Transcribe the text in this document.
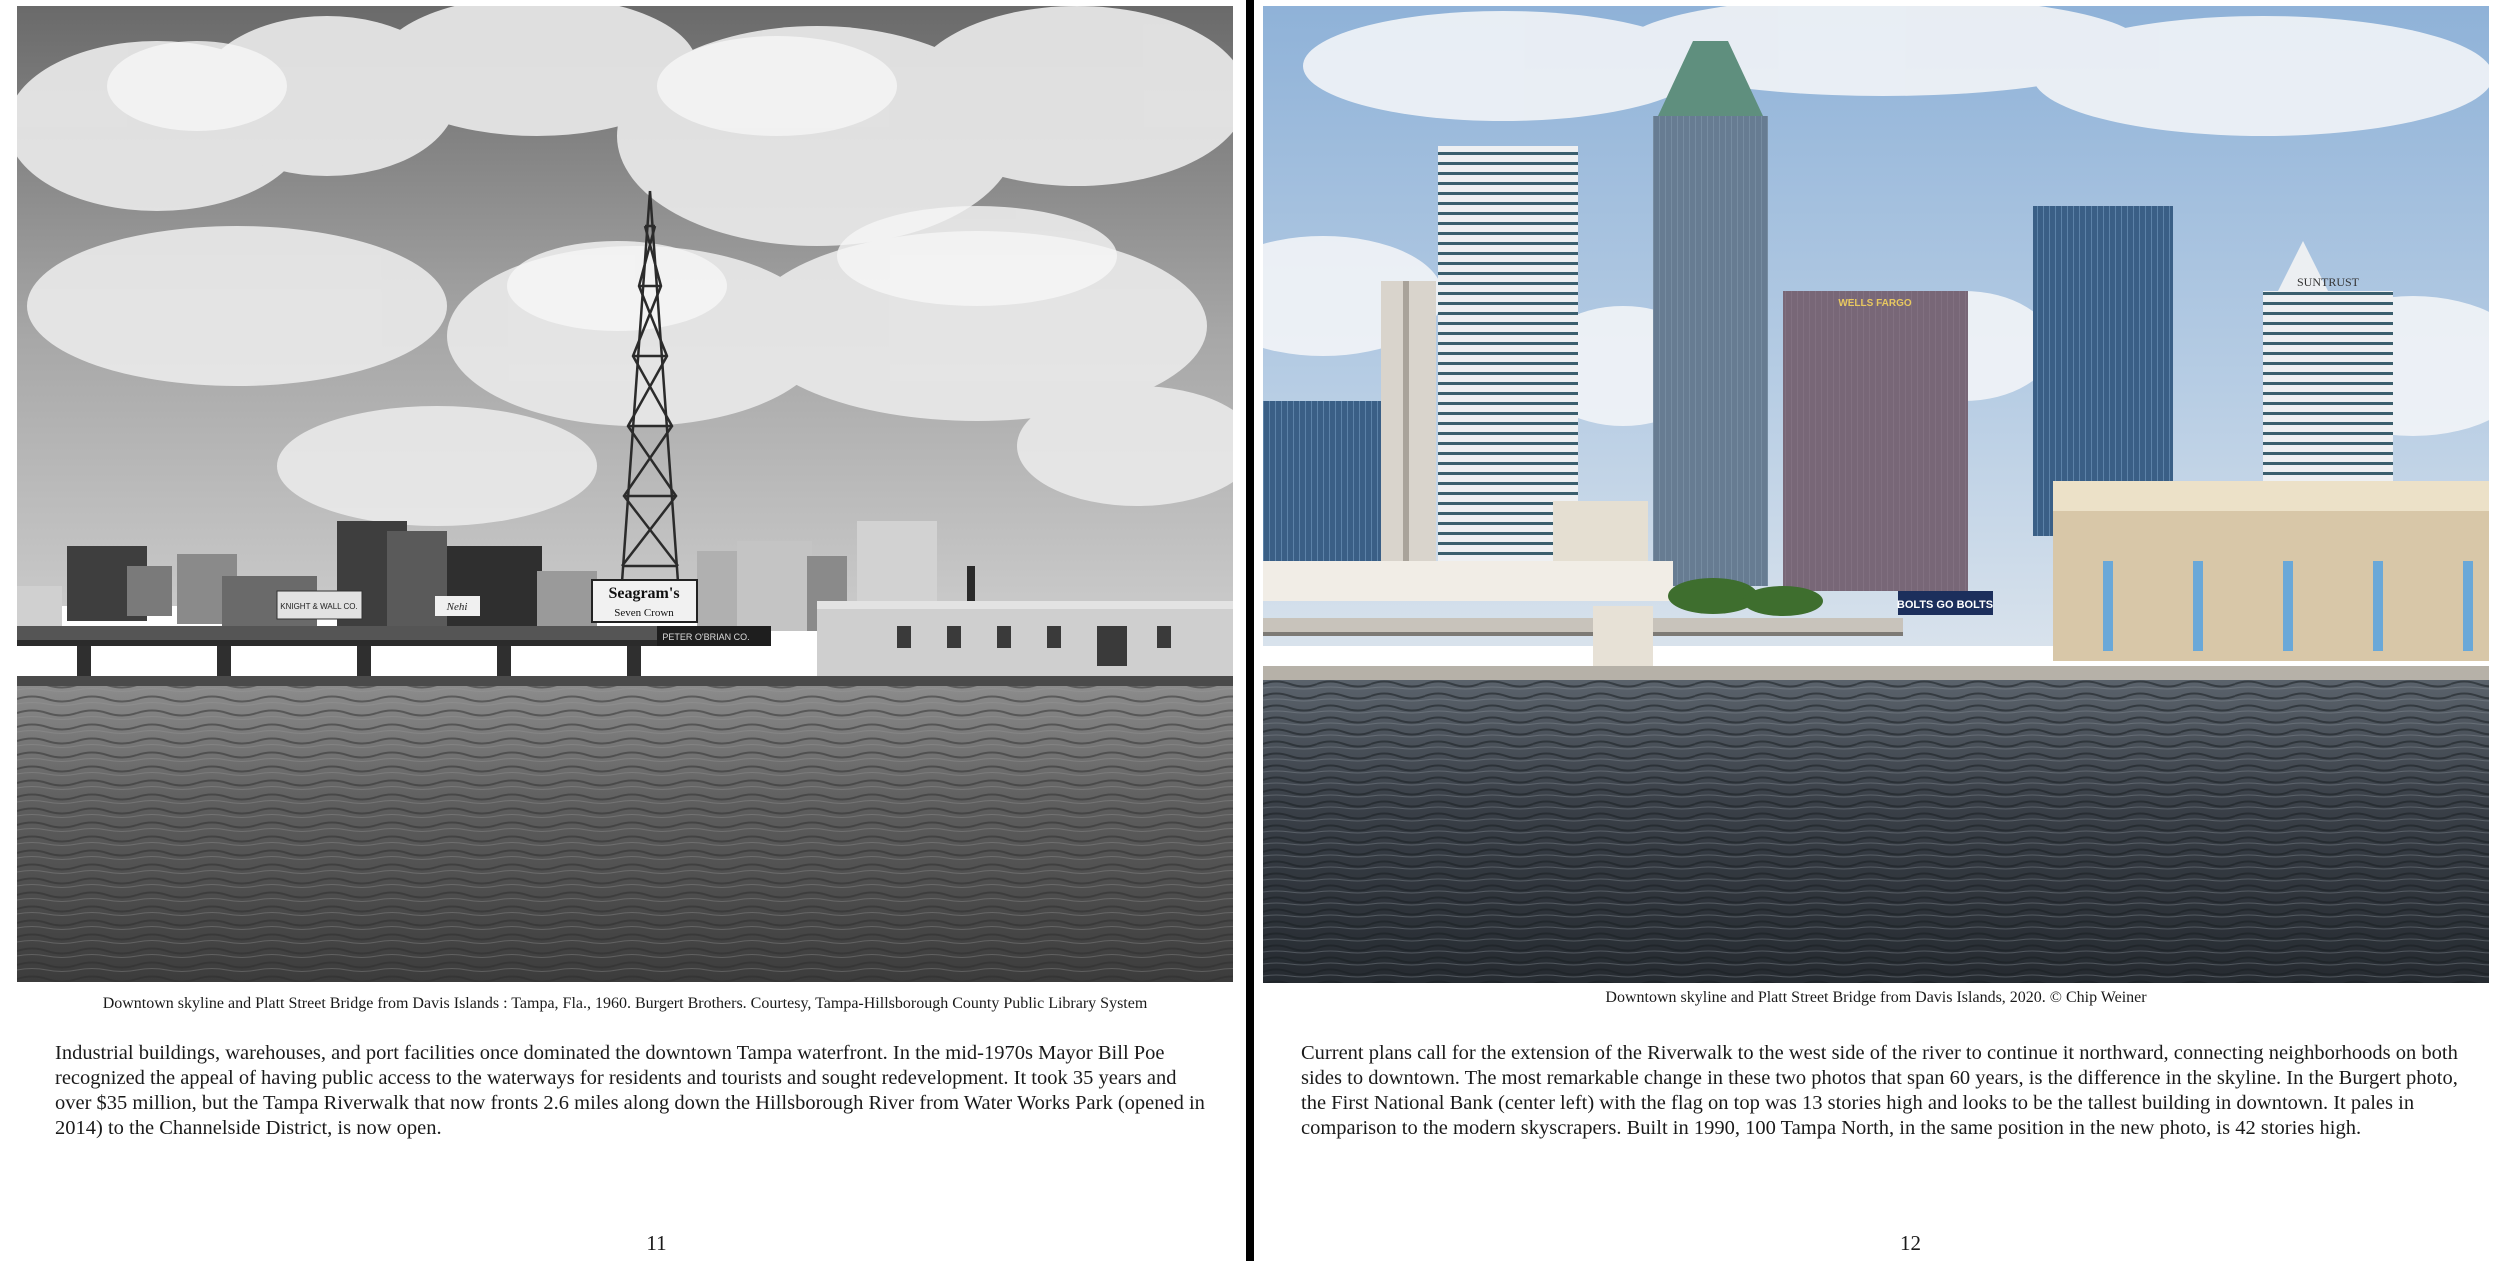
Seagram's
Seven Crown
PETER O'BRIAN CO.
KNIGHT & WALL CO.	Nehi
Downtown skyline and Platt Street Bridge from Davis Islands : Tampa, Fla., 1960. Burgert Brothers. Courtesy, Tampa-Hillsborough County Public Library System
Industrial buildings, warehouses, and port facilities once dominated the downtown Tampa waterfront. In the mid-1970s Mayor Bill Poe recognized the appeal of having public access to the waterways for residents and tourists and sought redevelopment. It took 35 years and over $35 million, but the Tampa Riverwalk that now fronts 2.6 miles along down the Hillsborough River from Water Works Park (opened in 2014) to the Channelside District, is now open.
11
WELLS FARGO
SUNTRUST
BOLTS GO BOLTS
Downtown skyline and Platt Street Bridge from Davis Islands, 2020. © Chip Weiner
Current plans call for the extension of the Riverwalk to the west side of the river to continue it northward, connecting neighborhoods on both sides to downtown. The most remarkable change in these two photos that span 60 years, is the difference in the skyline. In the Burgert photo, the First National Bank (center left) with the flag on top was 13 stories high and looks to be the tallest building in downtown. It pales in comparison to the modern skyscrapers. Built in 1990, 100 Tampa North, in the same position in the new photo, is 42 stories high.
12
